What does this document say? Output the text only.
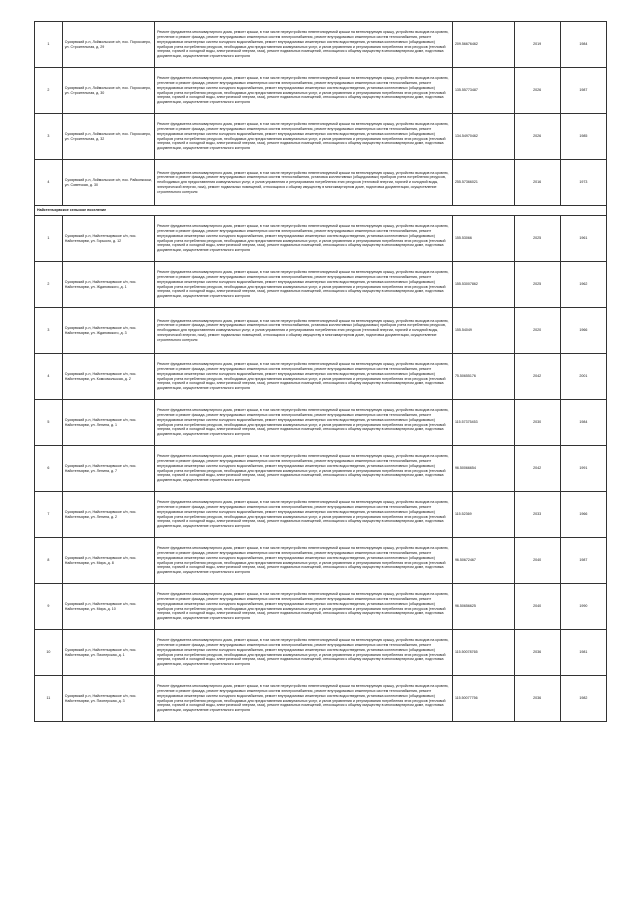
1	Суоярвский р-н, Лоймольское с/п, пос. Поросозеро, ул. Строительная, д. 29	Ремонт фундамента многоквартирного дома, ремонт крыши, в том числе переустройство невентилируемой крыши на вентилируемую крышу, устройство выходов на кровлю, утепление и ремонт фасада, ремонт внутридомовых инженерных систем электроснабжения, ремонт внутридомовых инженерных систем теплоснабжения, ремонт внутридомовых инженерных систем холодного водоснабжения, ремонт внутридомовых инженерных систем водоотведения, установка коллективных (общедомовых) приборов учета потребления ресурсов, необходимых для предоставления коммунальных услуг, и узлов управления и регулирования потребления этих ресурсов (тепловой энергии, горячей и холодной воды, электрической энергии, газа), ремонт подвальных помещений, относящихся к общему имуществу в многоквартирном доме, подготовка документации, осуществление строительного контроля	209.56676462	2019	1984
2	Суоярвский р-н, Лоймольское с/п, пос. Поросозеро, ул. Строительная, д. 30	Ремонт фундамента многоквартирного дома, ремонт крыши, в том числе переустройство невентилируемой крыши на вентилируемую крышу, устройство выходов на кровлю, утепление и ремонт фасада, ремонт внутридомовых инженерных систем электроснабжения, ремонт внутридомовых инженерных систем теплоснабжения, ремонт внутридомовых инженерных систем холодного водоснабжения, ремонт внутридомовых инженерных систем водоотведения, установка коллективных (общедомовых) приборов учета потребления ресурсов, необходимых для предоставления коммунальных услуг, и узлов управления и регулирования потребления этих ресурсов (тепловой энергии, горячей и холодной воды, электрической энергии, газа), ремонт подвальных помещений, относящихся к общему имуществу в многоквартирном доме, подготовка документации, осуществление строительного контроля	135.55773487	2026	1987
3	Суоярвский р-н, Лоймольское с/п, пос. Поросозеро, ул. Строительная, д. 32	Ремонт фундамента многоквартирного дома, ремонт крыши, в том числе переустройство невентилируемой крыши на вентилируемую крышу, устройство выходов на кровлю, утепление и ремонт фасада, ремонт внутридомовых инженерных систем электроснабжения, ремонт внутридомовых инженерных систем теплоснабжения, ремонт внутридомовых инженерных систем холодного водоснабжения, ремонт внутридомовых инженерных систем водоотведения, установка коллективных (общедомовых) приборов учета потребления ресурсов, необходимых для предоставления коммунальных услуг, и узлов управления и регулирования потребления этих ресурсов (тепловой энергии, горячей и холодной воды, электрической энергии, газа), ремонт подвальных помещений, относящихся к общему имуществу в многоквартирном доме, подготовка документации, осуществление строительного контроля	134.54970462	2026	1985
4	Суоярвский р-н, Лоймольское с/п, пос. Райконкоски, ул. Советская, д. 30	Ремонт фундамента многоквартирного дома, ремонт крыши, в том числе переустройство невентилируемой крыши на вентилируемую крышу, устройство выходов на кровлю, утепление и ремонт фасада, ремонт внутридомовых инженерных систем теплоснабжения, установка коллективных (общедомовых) приборов учета потребления ресурсов, необходимых для предоставления коммунальных услуг, и узлов управления и регулирования потребления этих ресурсов (тепловой энергии, горячей и холодной воды, электрической энергии, газа), ремонт подвальных помещений, относящихся к общему имуществу в многоквартирном доме, подготовка документации, осуществление строительного контроля	255.57366021	2016	1973
Найстенъярвское сельское поселение					
1	Суоярвский р-н, Найстенъярвское с/п, пос. Найстенъярви, ул. Горького, д. 12	Ремонт фундамента многоквартирного дома, ремонт крыши, в том числе переустройство невентилируемой крыши на вентилируемую крышу, устройство выходов на кровлю, утепление и ремонт фасада, ремонт внутридомовых инженерных систем электроснабжения, ремонт внутридомовых инженерных систем теплоснабжения, ремонт внутридомовых инженерных систем холодного водоснабжения, ремонт внутридомовых инженерных систем водоотведения, установка коллективных (общедомовых) приборов учета потребления ресурсов, необходимых для предоставления коммунальных услуг, и узлов управления и регулирования потребления этих ресурсов (тепловой энергии, горячей и холодной воды, электрической энергии, газа), ремонт подвальных помещений, относящихся к общему имуществу в многоквартирном доме, подготовка документации, осуществление строительного контроля	155.53066	2025	1961
2	Суоярвский р-н, Найстенъярвское с/п, пос. Найстенъярви, ул. Ждановского, д. 1	Ремонт фундамента многоквартирного дома, ремонт крыши, в том числе переустройство невентилируемой крыши на вентилируемую крышу, устройство выходов на кровлю, утепление и ремонт фасада, ремонт внутридомовых инженерных систем электроснабжения, ремонт внутридомовых инженерных систем теплоснабжения, ремонт внутридомовых инженерных систем холодного водоснабжения, ремонт внутридомовых инженерных систем водоотведения, установка коллективных (общедомовых) приборов учета потребления ресурсов, необходимых для предоставления коммунальных услуг, и узлов управления и регулирования потребления этих ресурсов (тепловой энергии, горячей и холодной воды, электрической энергии, газа), ремонт подвальных помещений, относящихся к общему имуществу в многоквартирном доме, подготовка документации, осуществление строительного контроля	155.53007862	2025	1962
3	Суоярвский р-н, Найстенъярвское с/п, пос. Найстенъярви, ул. Ждановского, д. 3	Ремонт фундамента многоквартирного дома, ремонт крыши, в том числе переустройство невентилируемой крыши на вентилируемую крышу, устройство выходов на кровлю, утепление и ремонт фасада, ремонт внутридомовых инженерных систем теплоснабжения, установка коллективных (общедомовых) приборов учета потребления ресурсов, необходимых для предоставления коммунальных услуг, и узлов управления и регулирования потребления этих ресурсов (тепловой энергии, горячей и холодной воды, электрической энергии, газа), ремонт подвальных помещений, относящихся к общему имуществу в многоквартирном доме, подготовка документации, осуществление строительного контроля	155.54049	2020	1966
4	Суоярвский р-н, Найстенъярвское с/п, пос. Найстенъярви, ул. Комсомольская, д. 2	Ремонт фундамента многоквартирного дома, ремонт крыши, в том числе переустройство невентилируемой крыши на вентилируемую крышу, устройство выходов на кровлю, утепление и ремонт фасада, ремонт внутридомовых инженерных систем электроснабжения, ремонт внутридомовых инженерных систем теплоснабжения, ремонт внутридомовых инженерных систем холодного водоснабжения, ремонт внутридомовых инженерных систем водоотведения, установка коллективных (общедомовых) приборов учета потребления ресурсов, необходимых для предоставления коммунальных услуг, и узлов управления и регулирования потребления этих ресурсов (тепловой энергии, горячей и холодной воды, электрической энергии, газа), ремонт подвальных помещений, относящихся к общему имуществу в многоквартирном доме, подготовка документации, осуществление строительного контроля	75.50655176	2042	2001
5	Суоярвский р-н, Найстенъярвское с/п, пос. Найстенъярви, ул. Ленина, д. 1	Ремонт фундамента многоквартирного дома, ремонт крыши, в том числе переустройство невентилируемой крыши на вентилируемую крышу, устройство выходов на кровлю, утепление и ремонт фасада, ремонт внутридомовых инженерных систем электроснабжения, ремонт внутридомовых инженерных систем теплоснабжения, ремонт внутридомовых инженерных систем холодного водоснабжения, ремонт внутридомовых инженерных систем водоотведения, установка коллективных (общедомовых) приборов учета потребления ресурсов, необходимых для предоставления коммунальных услуг, и узлов управления и регулирования потребления этих ресурсов (тепловой энергии, горячей и холодной воды, электрической энергии, газа), ремонт подвальных помещений, относящихся к общему имуществу в многоквартирном доме, подготовка документации, осуществление строительного контроля	115.57375453	2030	1984
6	Суоярвский р-н, Найстенъярвское с/п, пос. Найстенъярви, ул. Ленина, д. 7	Ремонт фундамента многоквартирного дома, ремонт крыши, в том числе переустройство невентилируемой крыши на вентилируемую крышу, устройство выходов на кровлю, утепление и ремонт фасада, ремонт внутридомовых инженерных систем электроснабжения, ремонт внутридомовых инженерных систем теплоснабжения, ремонт внутридомовых инженерных систем холодного водоснабжения, ремонт внутридомовых инженерных систем водоотведения, установка коллективных (общедомовых) приборов учета потребления ресурсов, необходимых для предоставления коммунальных услуг, и узлов управления и регулирования потребления этих ресурсов (тепловой энергии, горячей и холодной воды, электрической энергии, газа), ремонт подвальных помещений, относящихся к общему имуществу в многоквартирном доме, подготовка документации, осуществление строительного контроля	96.50066654	2042	1991
7	Суоярвский р-н, Найстенъярвское с/п, пос. Найстенъярви, ул. Ленина, д. 2	Ремонт фундамента многоквартирного дома, ремонт крыши, в том числе переустройство невентилируемой крыши на вентилируемую крышу, устройство выходов на кровлю, утепление и ремонт фасада, ремонт внутридомовых инженерных систем электроснабжения, ремонт внутридомовых инженерных систем теплоснабжения, ремонт внутридомовых инженерных систем холодного водоснабжения, ремонт внутридомовых инженерных систем водоотведения, установка коллективных (общедомовых) приборов учета потребления ресурсов, необходимых для предоставления коммунальных услуг, и узлов управления и регулирования потребления этих ресурсов (тепловой энергии, горячей и холодной воды, электрической энергии, газа), ремонт подвальных помещений, относящихся к общему имуществу в многоквартирном доме, подготовка документации, осуществление строительного контроля	115.52369	2033	1966
8	Суоярвский р-н, Найстенъярвское с/п, пос. Найстенъярви, ул. Мира, д. 8	Ремонт фундамента многоквартирного дома, ремонт крыши, в том числе переустройство невентилируемой крыши на вентилируемую крышу, устройство выходов на кровлю, утепление и ремонт фасада, ремонт внутридомовых инженерных систем электроснабжения, ремонт внутридомовых инженерных систем теплоснабжения, ремонт внутридомовых инженерных систем холодного водоснабжения, ремонт внутридомовых инженерных систем водоотведения, установка коллективных (общедомовых) приборов учета потребления ресурсов, необходимых для предоставления коммунальных услуг, и узлов управления и регулирования потребления этих ресурсов (тепловой энергии, горячей и холодной воды, электрической энергии, газа), ремонт подвальных помещений, относящихся к общему имуществу в многоквартирном доме, подготовка документации, осуществление строительного контроля	96.50672467	2040	1987
9	Суоярвский р-н, Найстенъярвское с/п, пос. Найстенъярви, ул. Мира, д. 10	Ремонт фундамента многоквартирного дома, ремонт крыши, в том числе переустройство невентилируемой крыши на вентилируемую крышу, устройство выходов на кровлю, утепление и ремонт фасада, ремонт внутридомовых инженерных систем электроснабжения, ремонт внутридомовых инженерных систем теплоснабжения, ремонт внутридомовых инженерных систем холодного водоснабжения, ремонт внутридомовых инженерных систем водоотведения, установка коллективных (общедомовых) приборов учета потребления ресурсов, необходимых для предоставления коммунальных услуг, и узлов управления и регулирования потребления этих ресурсов (тепловой энергии, горячей и холодной воды, электрической энергии, газа), ремонт подвальных помещений, относящихся к общему имуществу в многоквартирном доме, подготовка документации, осуществление строительного контроля	96.50656625	2040	1990
10	Суоярвский р-н, Найстенъярвское с/п, пос. Найстенъярви, ул. Пионерская, д. 1	Ремонт фундамента многоквартирного дома, ремонт крыши, в том числе переустройство невентилируемой крыши на вентилируемую крышу, устройство выходов на кровлю, утепление и ремонт фасада, ремонт внутридомовых инженерных систем электроснабжения, ремонт внутридомовых инженерных систем теплоснабжения, ремонт внутридомовых инженерных систем холодного водоснабжения, ремонт внутридомовых инженерных систем водоотведения, установка коллективных (общедомовых) приборов учета потребления ресурсов, необходимых для предоставления коммунальных услуг, и узлов управления и регулирования потребления этих ресурсов (тепловой энергии, горячей и холодной воды, электрической энергии, газа), ремонт подвальных помещений, относящихся к общему имуществу в многоквартирном доме, подготовка документации, осуществление строительного контроля	115.50078765	2036	1981
11	Суоярвский р-н, Найстенъярвское с/п, пос. Найстенъярви, ул. Пионерская, д. 3	Ремонт фундамента многоквартирного дома, ремонт крыши, в том числе переустройство невентилируемой крыши на вентилируемую крышу, устройство выходов на кровлю, утепление и ремонт фасада, ремонт внутридомовых инженерных систем электроснабжения, ремонт внутридомовых инженерных систем теплоснабжения, ремонт внутридомовых инженерных систем холодного водоснабжения, ремонт внутридомовых инженерных систем водоотведения, установка коллективных (общедомовых) приборов учета потребления ресурсов, необходимых для предоставления коммунальных услуг, и узлов управления и регулирования потребления этих ресурсов (тепловой энергии, горячей и холодной воды, электрической энергии, газа), ремонт подвальных помещений, относящихся к общему имуществу в многоквартирном доме, подготовка документации, осуществление строительного контроля	115.50077756	2036	1982
